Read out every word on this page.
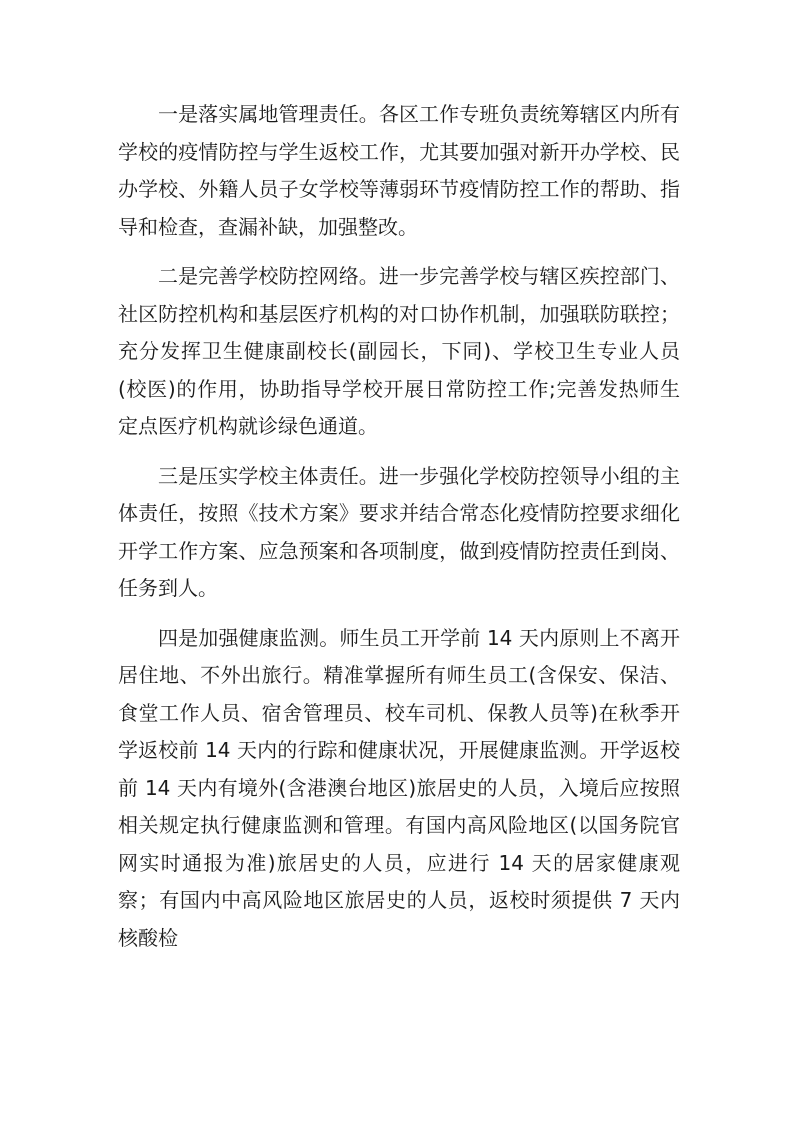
一是落实属地管理责任。各区工作专班负责统筹辖区内所有学校的疫情防控与学生返校工作，尤其要加强对新开办学校、民办学校、外籍人员子女学校等薄弱环节疫情防控工作的帮助、指导和检查，查漏补缺，加强整改。

二是完善学校防控网络。进一步完善学校与辖区疾控部门、社区防控机构和基层医疗机构的对口协作机制，加强联防联控；充分发挥卫生健康副校长(副园长，下同)、学校卫生专业人员(校医)的作用，协助指导学校开展日常防控工作;完善发热师生定点医疗机构就诊绿色通道。

三是压实学校主体责任。进一步强化学校防控领导小组的主体责任，按照《技术方案》要求并结合常态化疫情防控要求细化开学工作方案、应急预案和各项制度，做到疫情防控责任到岗、任务到人。

四是加强健康监测。师生员工开学前 14 天内原则上不离开居住地、不外出旅行。精准掌握所有师生员工(含保安、保洁、食堂工作人员、宿舍管理员、校车司机、保教人员等)在秋季开学返校前 14 天内的行踪和健康状况，开展健康监测。开学返校前 14 天内有境外(含港澳台地区)旅居史的人员，入境后应按照相关规定执行健康监测和管理。有国内高风险地区(以国务院官网实时通报为准)旅居史的人员，应进行 14 天的居家健康观察；有国内中高风险地区旅居史的人员，返校时须提供 7 天内核酸检
